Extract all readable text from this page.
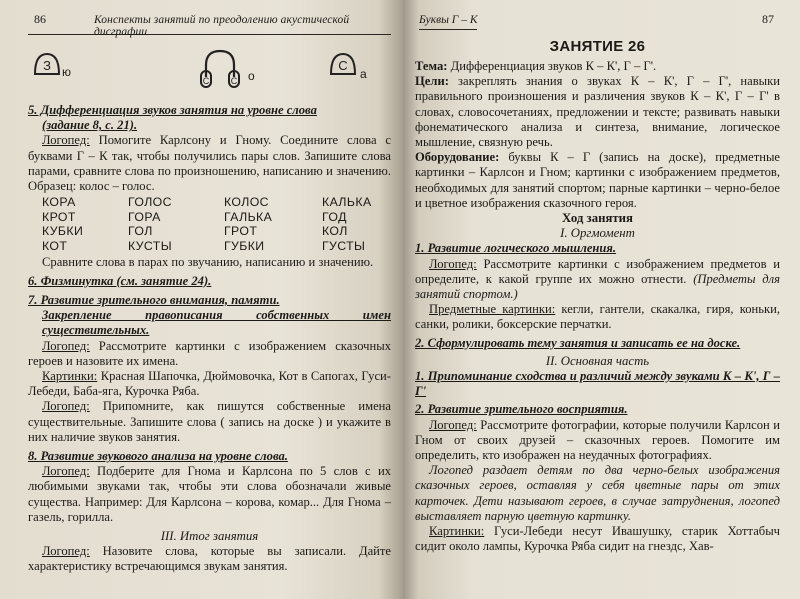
86	Конспекты занятий по преодолению акустической дисграфии
З ю
С С о
С
а

5. Дифференциация звуков занятия на уровне слова

(задание 8, с. 21).

Логопед: Помогите Карлсону и Гному. Соедините слова с буквами Г – К так, чтобы получились пары слов. Запишите слова парами, сравните слова по произношению, написанию и значению. Образец: колос – голос.

КОРА	ГОЛОС	КОЛОС	КАЛЬКА
КРОТ	ГОРА	ГАЛЬКА	ГОД
КУБКИ	ГОЛ	ГРОТ	КОЛ
КОТ	КУСТЫ	ГУБКИ	ГУСТЫ

Сравните слова в парах по звучанию, написанию и значению.

6. Физминутка (см. занятие 24).

7. Развитие зрительного внимания, памяти.

Закрепление правописания собственных имен существительных.

Логопед: Рассмотрите картинки с изображением сказочных героев и назовите их имена.

Картинки: Красная Шапочка, Дюймовочка, Кот в Сапогах, Гуси-Лебеди, Баба-яга, Курочка Ряба.

Логопед: Припомните, как пишутся собственные имена существительные. Запишите слова ( запись на доске ) и укажите в них наличие звуков занятия.

8. Развитие звукового анализа на уровне слова.

Логопед: Подберите для Гнома и Карлсона по 5 слов с их любимыми звуками так, чтобы эти слова обозначали живые существа. Например: Для Карлсона – корова, комар... Для Гнома – газель, горилла.

III. Итог занятия

Логопед: Назовите слова, которые вы записали. Дайте характеристику встречающимся звукам занятия.

Буквы Г – К	87
ЗАНЯТИЕ 26

Тема: Дифференциация звуков К – К', Г – Г'.

Цели: закреплять знания о звуках К – К', Г – Г', навыки правильного произношения и различения звуков К – К', Г – Г' в словах, словосочетаниях, предложении и тексте; развивать навыки фонематического анализа и синтеза, внимание, логическое мышление, связную речь.

Оборудование: буквы К – Г (запись на доске), предметные картинки – Карлсон и Гном; картинки с изображением предметов, необходимых для занятий спортом; парные картинки – черно-белое и цветное изображения сказочного героя.

Ход занятия

I. Оргмомент

1. Развитие логического мышления.

Логопед: Рассмотрите картинки с изображением предметов и определите, к какой группе их можно отнести. (Предметы для занятий спортом.)

Предметные картинки: кегли, гантели, скакалка, гиря, коньки, санки, ролики, боксерские перчатки.

2. Сформулировать тему занятия и записать ее на доске.

II. Основная часть

1. Припоминание сходства и различий между звуками К – К', Г – Г'

2. Развитие зрительного восприятия.

Логопед: Рассмотрите фотографии, которые получили Карлсон и Гном от своих друзей – сказочных героев. Помогите им определить, кто изображен на неудачных фотографиях.

Логопед раздает детям по два черно-белых изображения сказочных героев, оставляя у себя цветные пары от этих карточек. Дети называют героев, в случае затруднения, логопед выставляет парную цветную картинку.

Картинки: Гуси-Лебеди несут Ивашушку, старик Хоттабыч сидит около лампы, Курочка Ряба сидит на гнездс, Хав-
